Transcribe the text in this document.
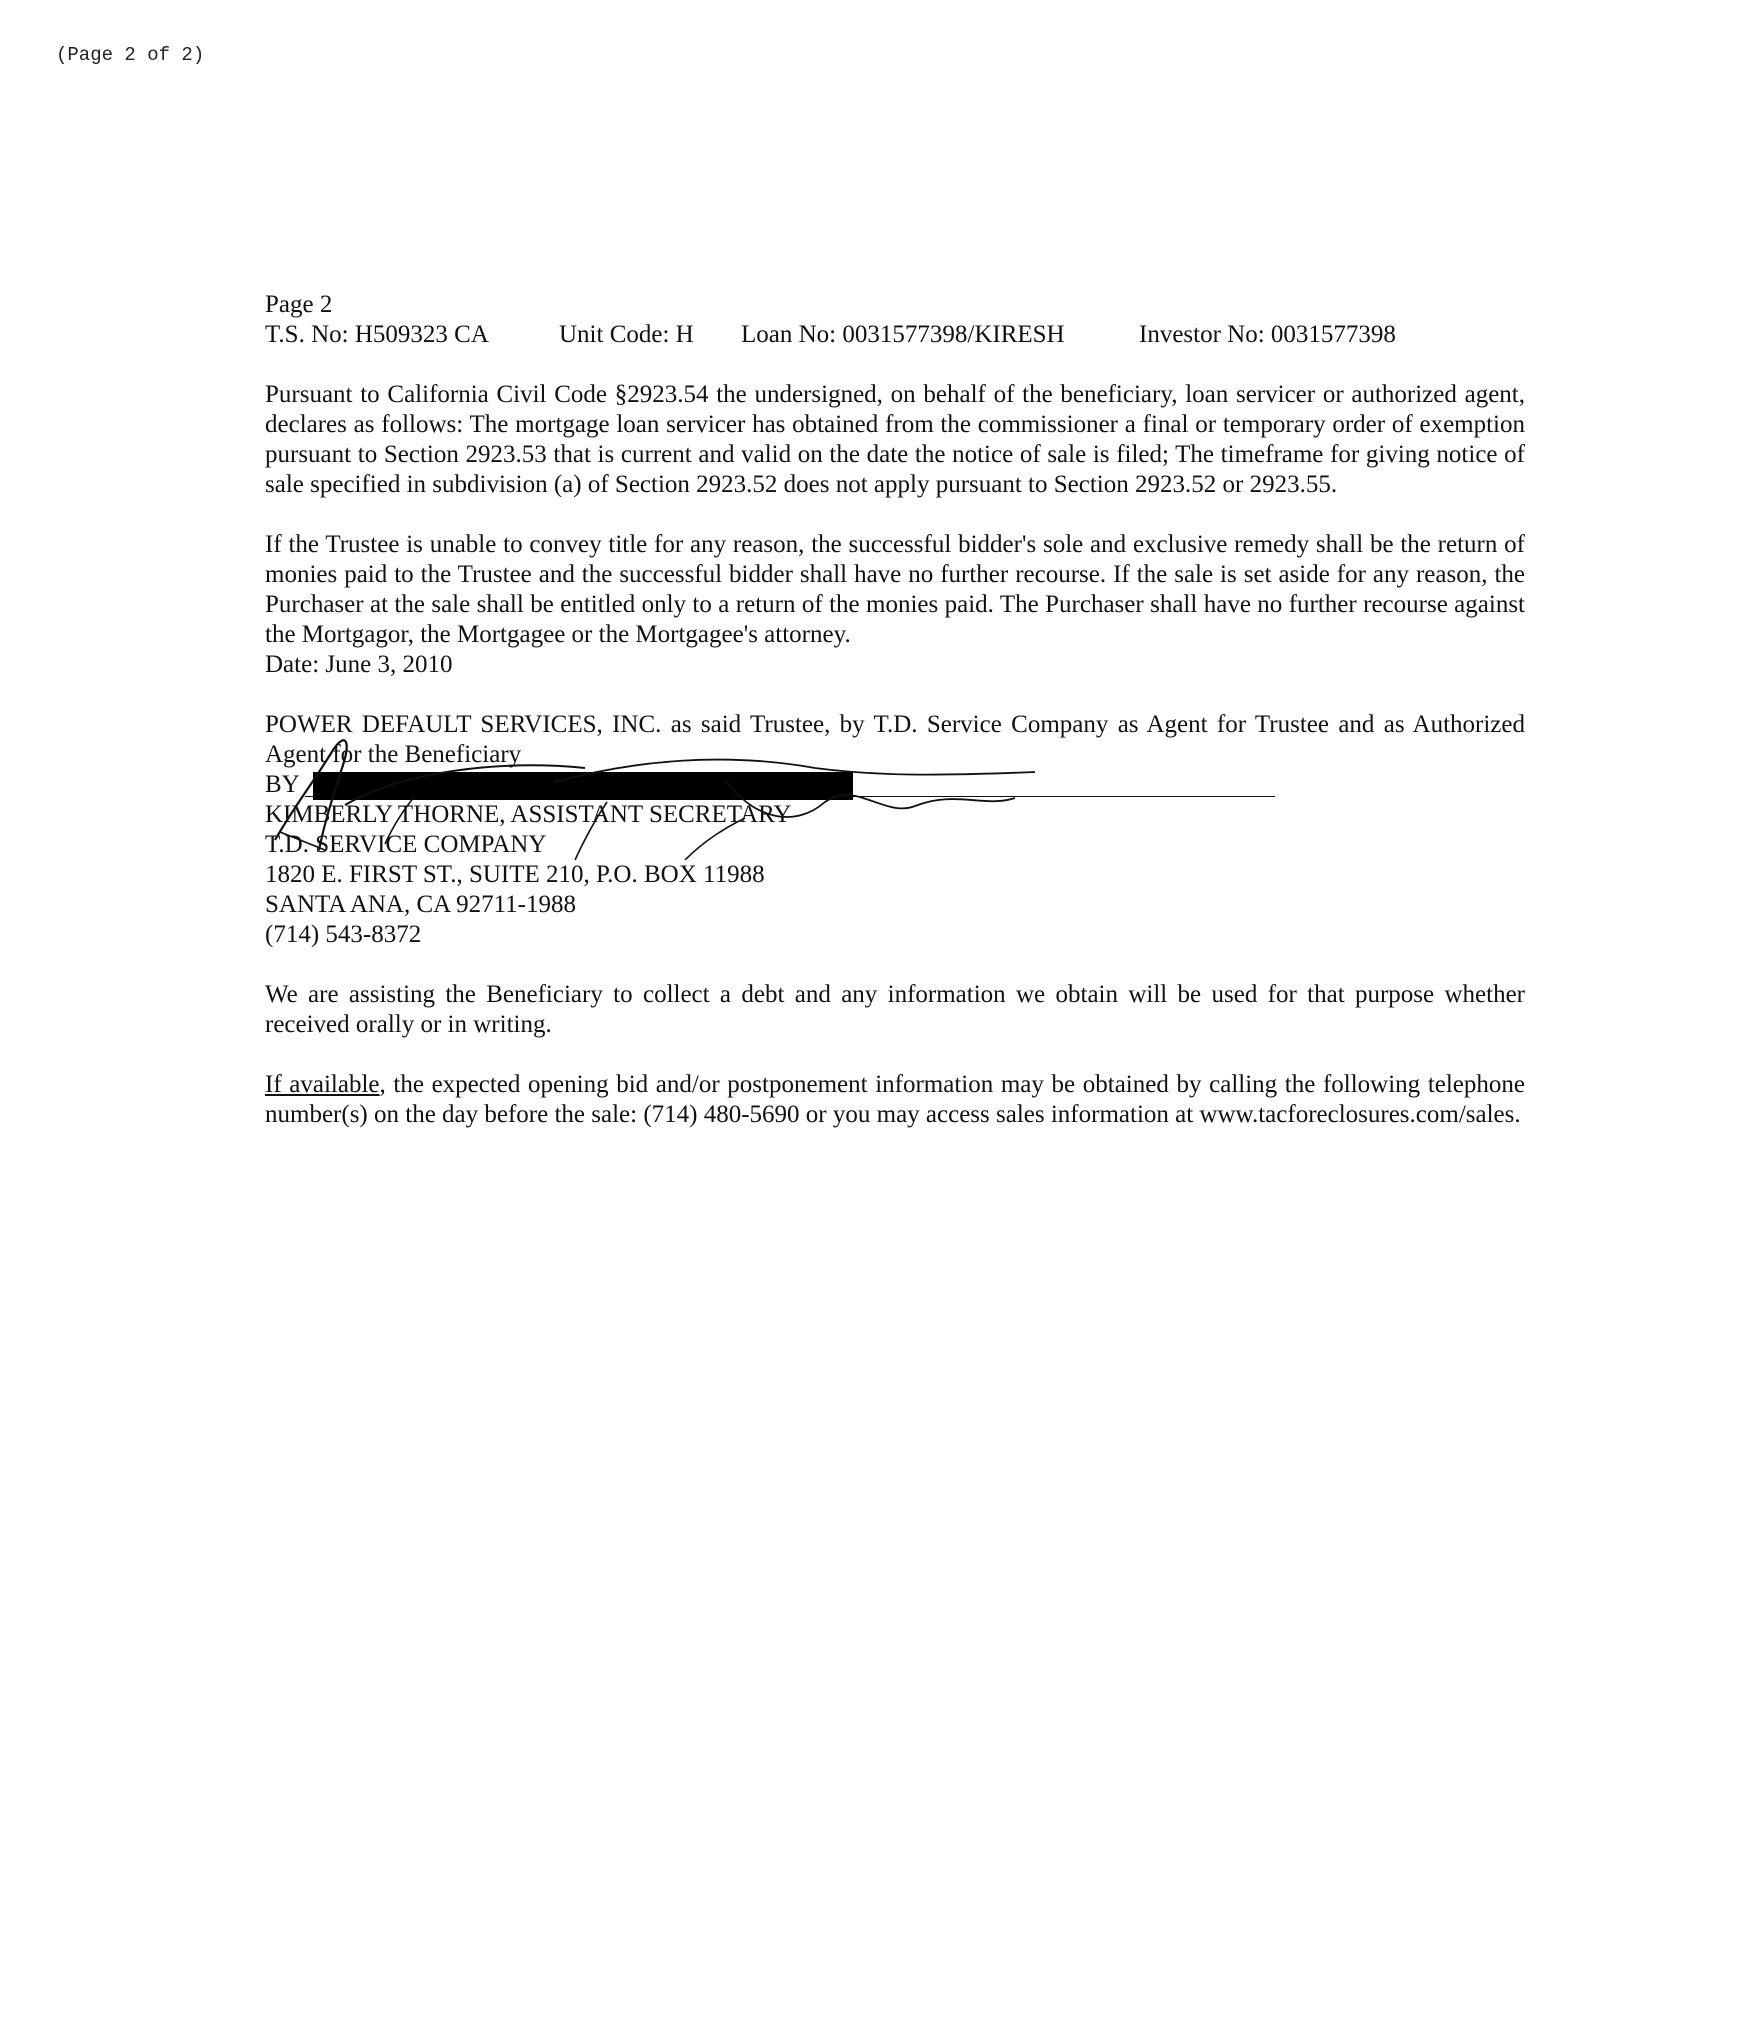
(Page 2 of 2)
Page 2
T.S. No: H509323 CA	Unit Code: H Loan No: 0031577398/KIRESH	Investor No: 0031577398

Pursuant to California Civil Code §2923.54 the undersigned, on behalf of the beneficiary, loan servicer or authorized agent, declares as follows: The mortgage loan servicer has obtained from the commissioner a final or temporary order of exemption pursuant to Section 2923.53 that is current and valid on the date the notice of sale is filed; The timeframe for giving notice of sale specified in subdivision (a) of Section 2923.52 does not apply pursuant to Section 2923.52 or 2923.55.

If the Trustee is unable to convey title for any reason, the successful bidder's sole and exclusive remedy shall be the return of monies paid to the Trustee and the successful bidder shall have no further recourse. If the sale is set aside for any reason, the Purchaser at the sale shall be entitled only to a return of the monies paid. The Purchaser shall have no further recourse against the Mortgagor, the Mortgagee or the Mortgagee's attorney.

Date: June 3, 2010

POWER DEFAULT SERVICES, INC. as said Trustee, by T.D. Service Company as Agent for Trustee and as Authorized Agent for the Beneficiary

BY
KIMBERLY THORNE, ASSISTANT SECRETARY
T.D. SERVICE COMPANY
1820 E. FIRST ST., SUITE 210, P.O. BOX 11988
SANTA ANA, CA 92711-1988
(714) 543-8372

We are assisting the Beneficiary to collect a debt and any information we obtain will be used for that purpose whether received orally or in writing.

If available, the expected opening bid and/or postponement information may be obtained by calling the following telephone number(s) on the day before the sale: (714) 480-5690 or you may access sales information at www.tacforeclosures.com/sales.
